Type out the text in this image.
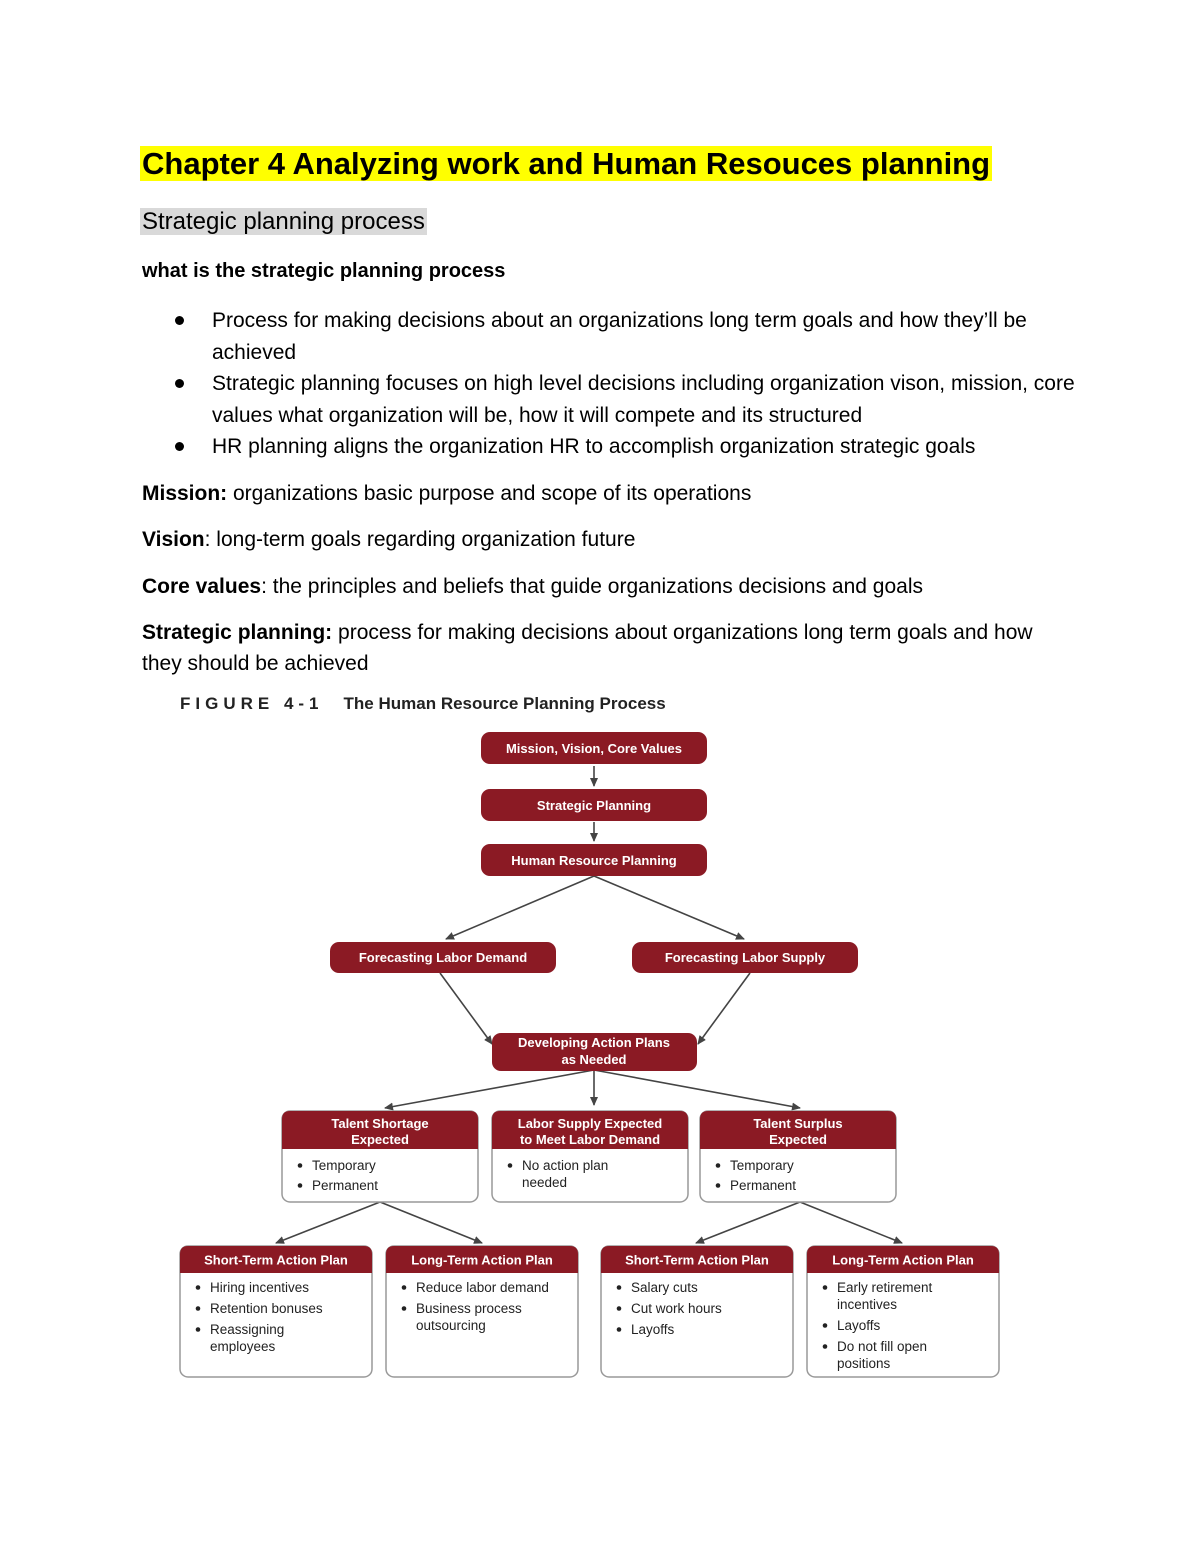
Chapter 4 Analyzing work and Human Resouces planning
Strategic planning process
what is the strategic planning process
Process for making decisions about an organizations long term goals and how they’ll be achieved
Strategic planning focuses on high level decisions including organization vison, mission, core values what organization will be, how it will compete and its structured
HR planning aligns the organization HR to accomplish organization strategic goals
Mission: organizations basic purpose and scope of its operations
Vision: long-term goals regarding organization future
Core values: the principles and beliefs that guide organizations decisions and goals
Strategic planning: process for making decisions about organizations long term goals and how they should be achieved
FIGURE 4-1 The Human Resource Planning Process
Mission, Vision, Core Values
Strategic Planning
Human Resource Planning
Forecasting Labor Demand	Forecasting Labor Supply
Developing Action Plans
as Needed
Talent Shortage
Expected
Temporary
Permanent
Labor Supply Expected
to Meet Labor Demand
No action plan
needed
Talent Surplus
Expected
Temporary
Permanent
Short-Term Action Plan
Hiring incentives
Retention bonuses
Reassigning
employees
Long-Term Action Plan
Reduce labor demand
Business process
outsourcing
Short-Term Action Plan
Salary cuts
Cut work hours
Layoffs
Long-Term Action Plan
Early retirement
incentives
Layoffs
Do not fill open
positions
